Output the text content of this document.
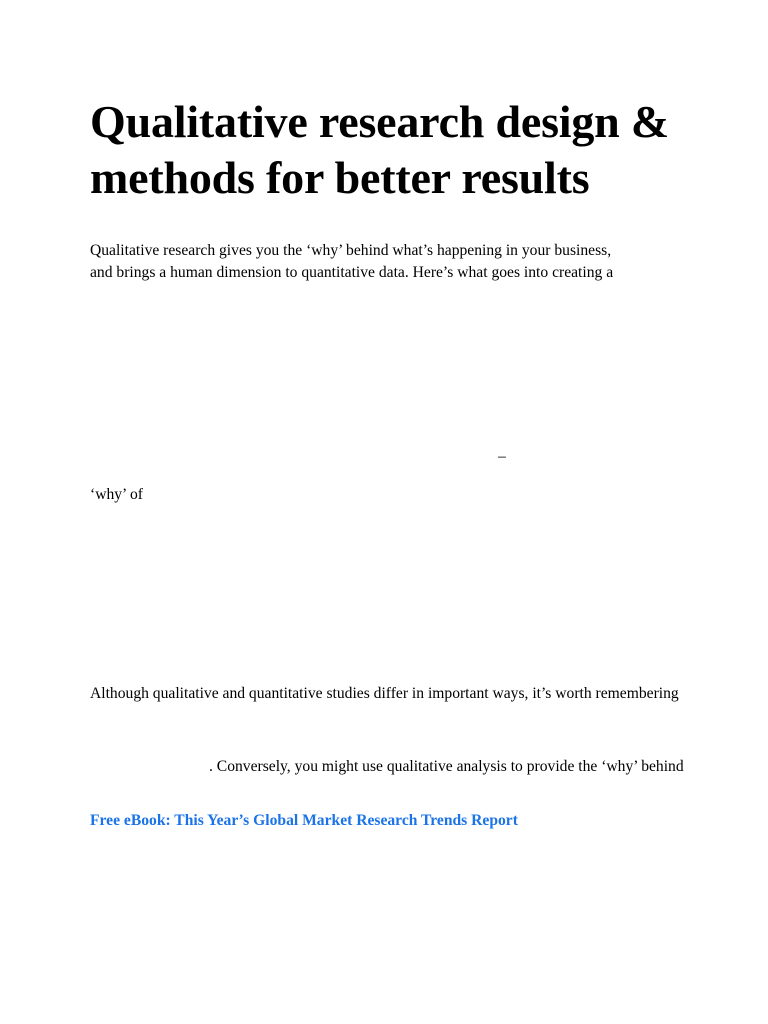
Qualitative research design &
methods for better results

Qualitative research gives you the ‘why’ behind what’s happening in your business,
and brings a human dimension to quantitative data. Here’s what goes into creating a

–

‘why’ of

Although qualitative and quantitative studies differ in important ways, it’s worth remembering

. Conversely, you might use qualitative analysis to provide the ‘why’ behind

Free eBook: This Year’s Global Market Research Trends Report
